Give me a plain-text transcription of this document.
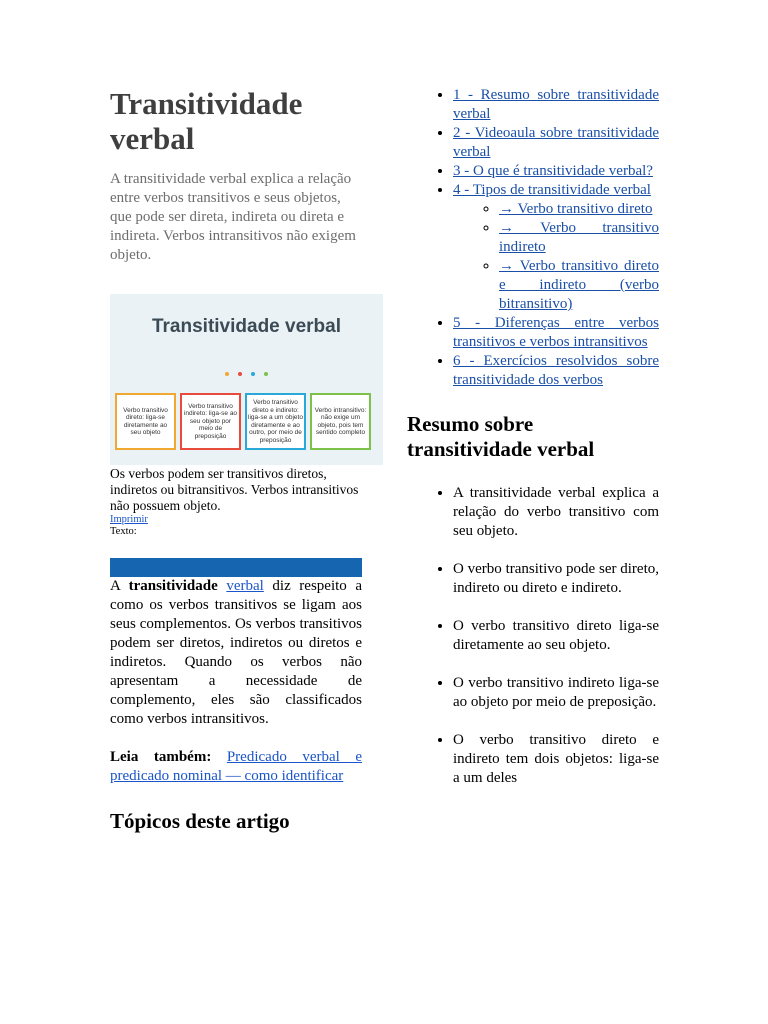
Transitividade verbal

A transitividade verbal explica a relação entre verbos transitivos e seus objetos, que pode ser direta, indireta ou direta e indireta. Verbos intransitivos não exigem objeto.

Transitividade verbal
Verbo transitivo direto: liga-se diretamente ao seu objeto
Verbo transitivo indireto: liga-se ao seu objeto por meio de preposição
Verbo transitivo direto e indireto: liga-se a um objeto diretamente e ao outro, por meio de preposição
Verbo intransitivo: não exige um objeto, pois tem sentido completo
Os verbos podem ser transitivos diretos, indiretos ou bitransitivos. Verbos intransitivos não possuem objeto.
Imprimir
Texto:

A transitividade verbal diz respeito a como os verbos transitivos se ligam aos seus complementos. Os verbos transitivos podem ser diretos, indiretos ou diretos e indiretos. Quando os verbos não apresentam a necessidade de complemento, eles são classificados como verbos intransitivos.

Leia também: Predicado verbal e predicado nominal — como identificar
Tópicos deste artigo
• 1 - Resumo sobre transitividade verbal
• 2 - Videoaula sobre transitividade verbal
• 3 - O que é transitividade verbal?
• 4 - Tipos de transitividade verbal
◦ → Verbo transitivo direto
◦ → Verbo transitivo indireto
◦ → Verbo transitivo direto e indireto (verbo bitransitivo)
• 5 - Diferenças entre verbos transitivos e verbos intransitivos
• 6 - Exercícios resolvidos sobre transitividade dos verbos
Resumo sobre transitividade verbal
• A transitividade verbal explica a relação do verbo transitivo com seu objeto.
• O verbo transitivo pode ser direto, indireto ou direto e indireto.
• O verbo transitivo direto liga-se diretamente ao seu objeto.
• O verbo transitivo indireto liga-se ao objeto por meio de preposição.
• O verbo transitivo direto e indireto tem dois objetos: liga-se a um deles
